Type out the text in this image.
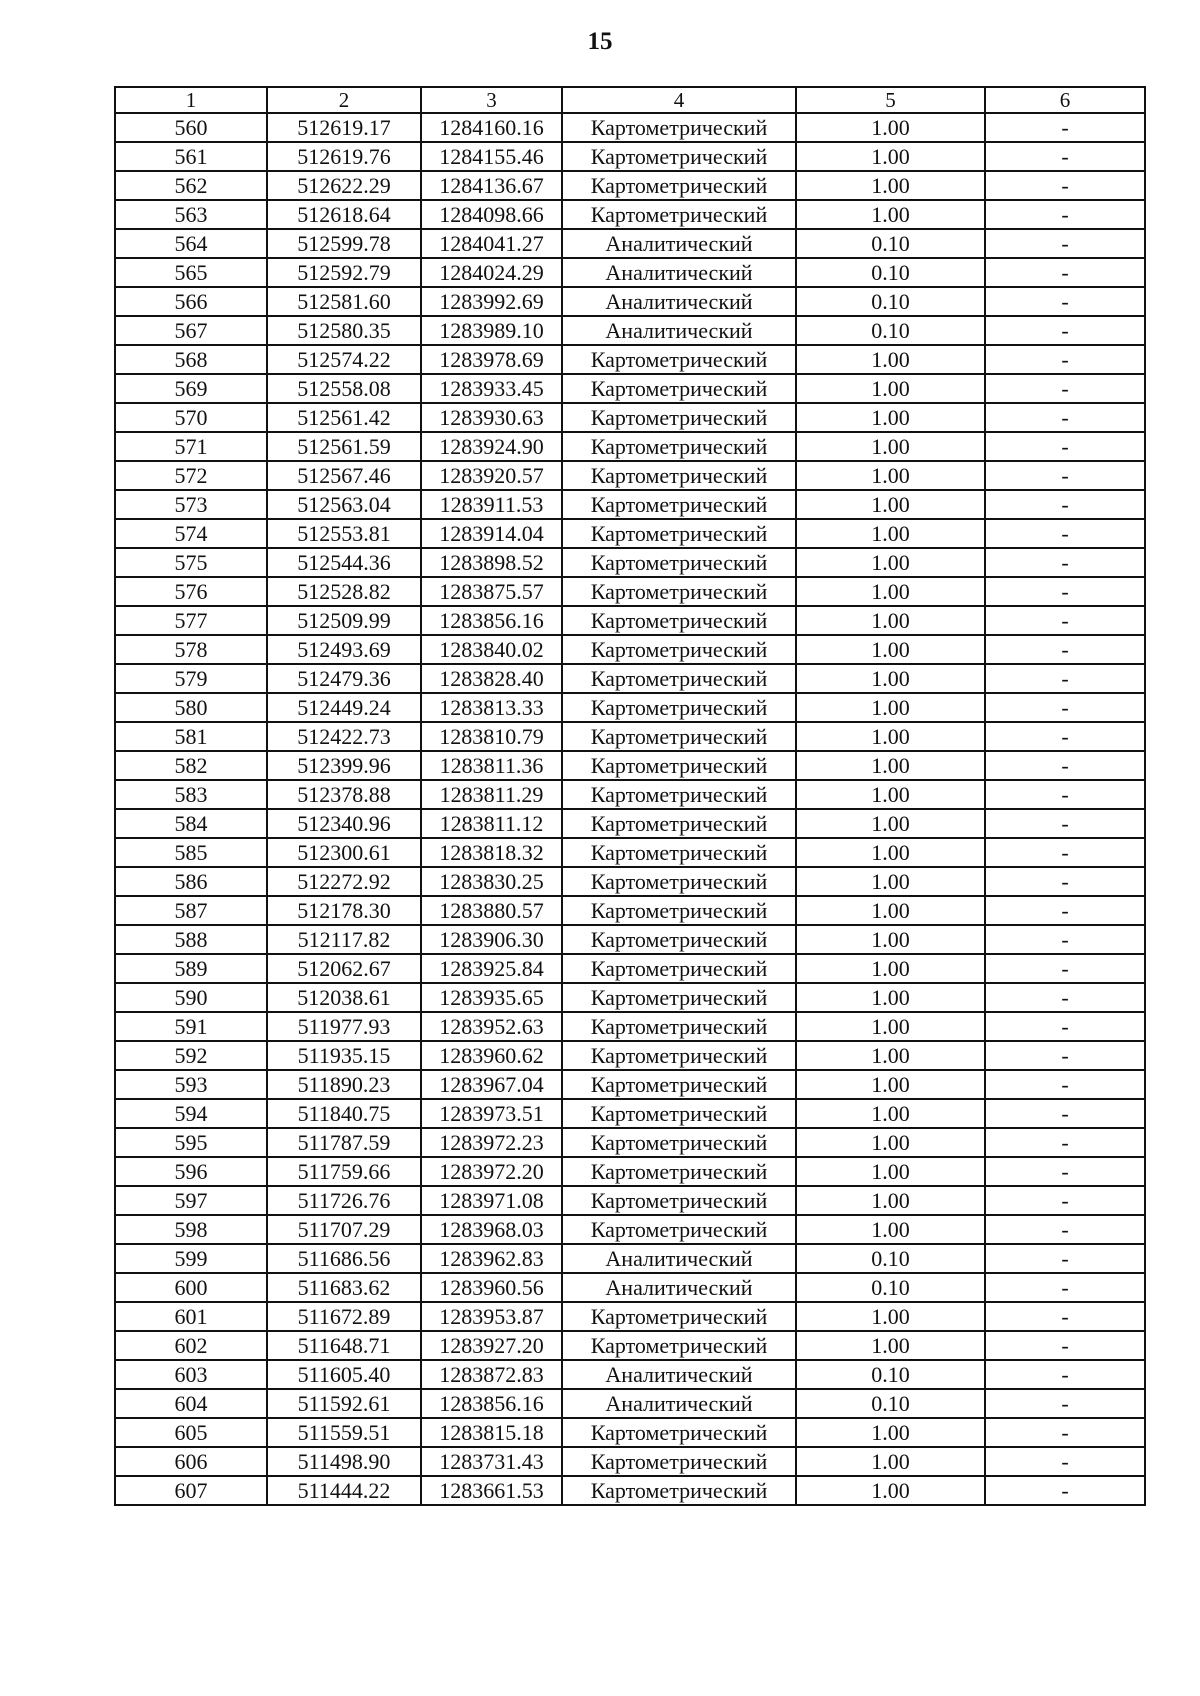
15
1	2	3	4	5	6
560	512619.17	1284160.16	Картометрический	1.00	-
561	512619.76	1284155.46	Картометрический	1.00	-
562	512622.29	1284136.67	Картометрический	1.00	-
563	512618.64	1284098.66	Картометрический	1.00	-
564	512599.78	1284041.27	Аналитический	0.10	-
565	512592.79	1284024.29	Аналитический	0.10	-
566	512581.60	1283992.69	Аналитический	0.10	-
567	512580.35	1283989.10	Аналитический	0.10	-
568	512574.22	1283978.69	Картометрический	1.00	-
569	512558.08	1283933.45	Картометрический	1.00	-
570	512561.42	1283930.63	Картометрический	1.00	-
571	512561.59	1283924.90	Картометрический	1.00	-
572	512567.46	1283920.57	Картометрический	1.00	-
573	512563.04	1283911.53	Картометрический	1.00	-
574	512553.81	1283914.04	Картометрический	1.00	-
575	512544.36	1283898.52	Картометрический	1.00	-
576	512528.82	1283875.57	Картометрический	1.00	-
577	512509.99	1283856.16	Картометрический	1.00	-
578	512493.69	1283840.02	Картометрический	1.00	-
579	512479.36	1283828.40	Картометрический	1.00	-
580	512449.24	1283813.33	Картометрический	1.00	-
581	512422.73	1283810.79	Картометрический	1.00	-
582	512399.96	1283811.36	Картометрический	1.00	-
583	512378.88	1283811.29	Картометрический	1.00	-
584	512340.96	1283811.12	Картометрический	1.00	-
585	512300.61	1283818.32	Картометрический	1.00	-
586	512272.92	1283830.25	Картометрический	1.00	-
587	512178.30	1283880.57	Картометрический	1.00	-
588	512117.82	1283906.30	Картометрический	1.00	-
589	512062.67	1283925.84	Картометрический	1.00	-
590	512038.61	1283935.65	Картометрический	1.00	-
591	511977.93	1283952.63	Картометрический	1.00	-
592	511935.15	1283960.62	Картометрический	1.00	-
593	511890.23	1283967.04	Картометрический	1.00	-
594	511840.75	1283973.51	Картометрический	1.00	-
595	511787.59	1283972.23	Картометрический	1.00	-
596	511759.66	1283972.20	Картометрический	1.00	-
597	511726.76	1283971.08	Картометрический	1.00	-
598	511707.29	1283968.03	Картометрический	1.00	-
599	511686.56	1283962.83	Аналитический	0.10	-
600	511683.62	1283960.56	Аналитический	0.10	-
601	511672.89	1283953.87	Картометрический	1.00	-
602	511648.71	1283927.20	Картометрический	1.00	-
603	511605.40	1283872.83	Аналитический	0.10	-
604	511592.61	1283856.16	Аналитический	0.10	-
605	511559.51	1283815.18	Картометрический	1.00	-
606	511498.90	1283731.43	Картометрический	1.00	-
607	511444.22	1283661.53	Картометрический	1.00	-
